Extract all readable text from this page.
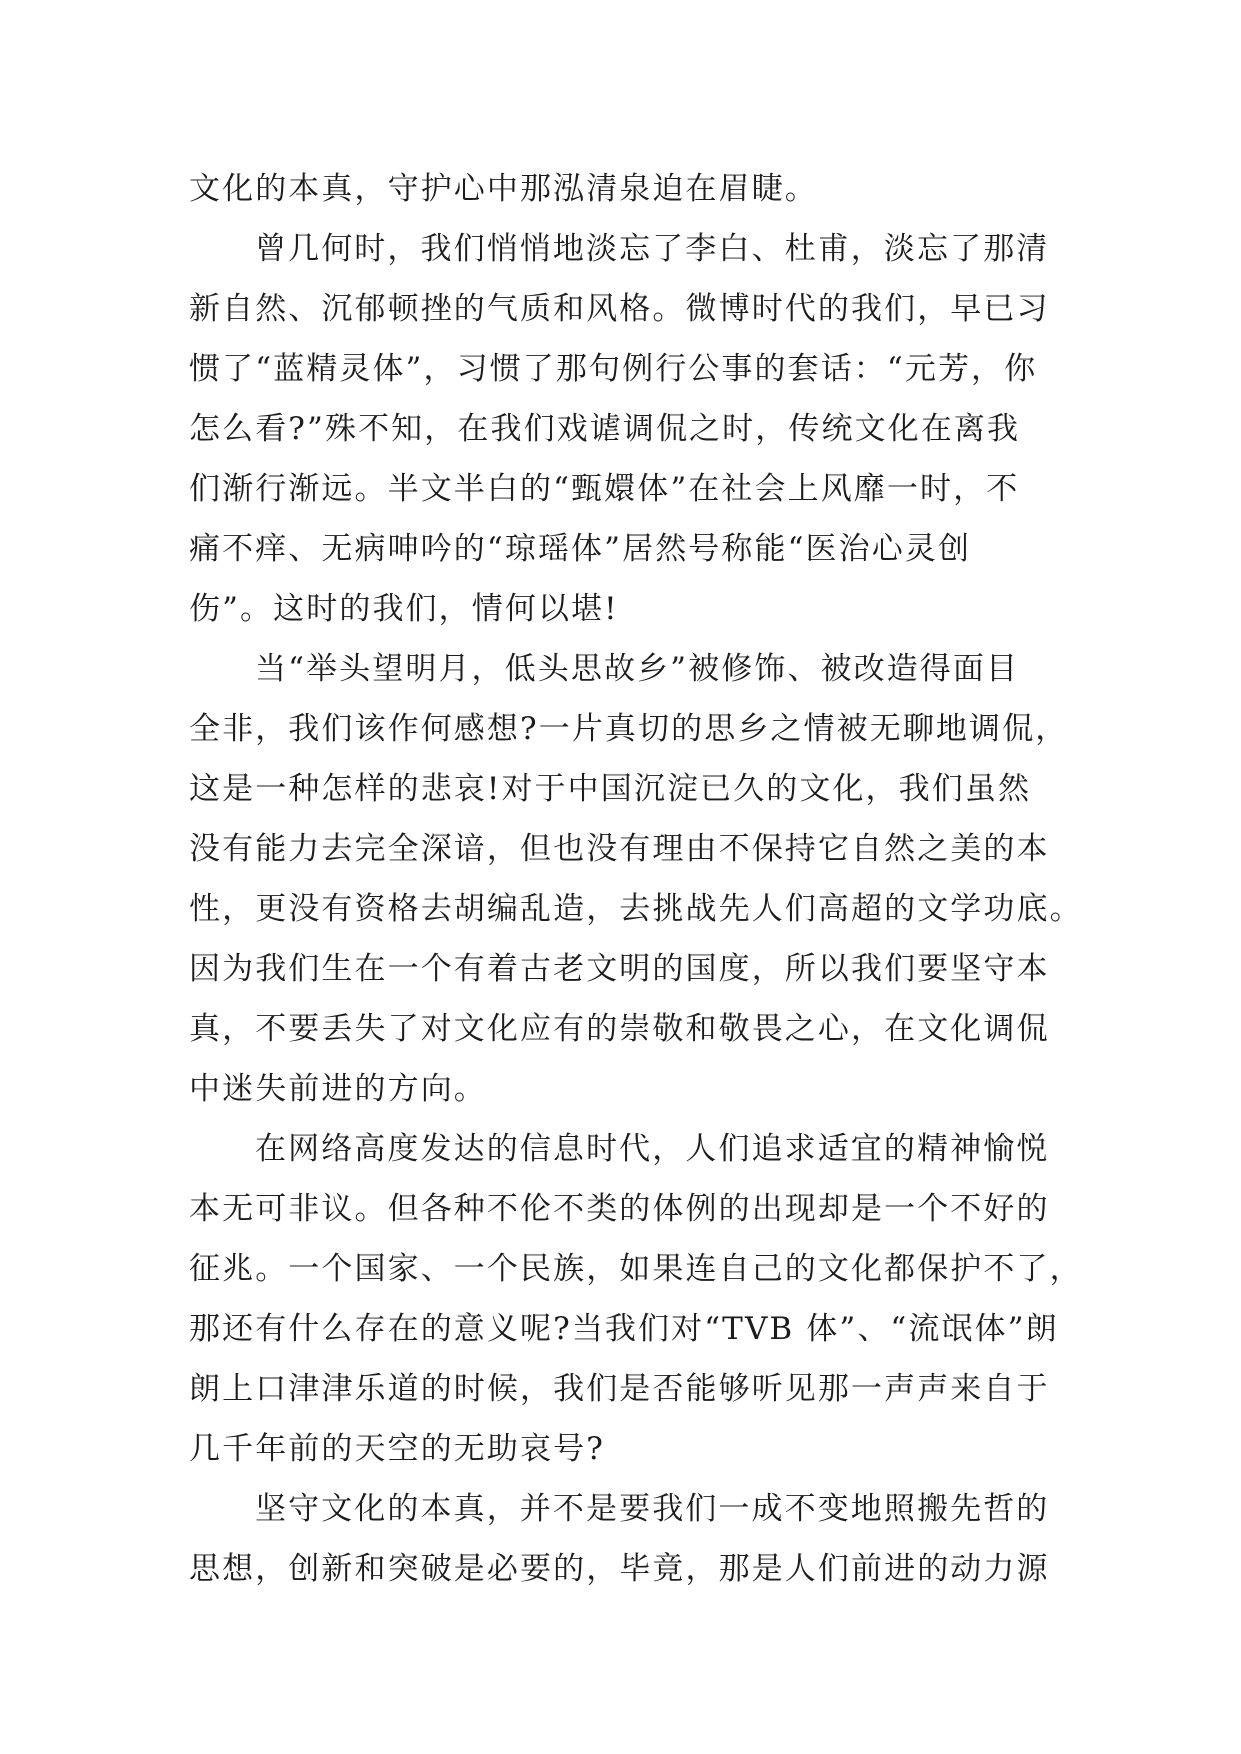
文化的本真，守护心中那泓清泉迫在眉睫。
曾几何时，我们悄悄地淡忘了李白、杜甫，淡忘了那清
新自然、沉郁顿挫的气质和风格。微博时代的我们，早已习
惯了“蓝精灵体”，习惯了那句例行公事的套话：“元芳，你
怎么看?”殊不知，在我们戏谑调侃之时，传统文化在离我
们渐行渐远。半文半白的“甄嬛体”在社会上风靡一时，不
痛不痒、无病呻吟的“琼瑶体”居然号称能“医治心灵创
伤”。这时的我们，情何以堪!
当“举头望明月，低头思故乡”被修饰、被改造得面目
全非，我们该作何感想?一片真切的思乡之情被无聊地调侃，
这是一种怎样的悲哀!对于中国沉淀已久的文化，我们虽然
没有能力去完全深谙，但也没有理由不保持它自然之美的本
性，更没有资格去胡编乱造，去挑战先人们高超的文学功底。
因为我们生在一个有着古老文明的国度，所以我们要坚守本
真，不要丢失了对文化应有的崇敬和敬畏之心，在文化调侃
中迷失前进的方向。
在网络高度发达的信息时代，人们追求适宜的精神愉悦
本无可非议。但各种不伦不类的体例的出现却是一个不好的
征兆。一个国家、一个民族，如果连自己的文化都保护不了，
那还有什么存在的意义呢?当我们对“TVB 体”、“流氓体”朗
朗上口津津乐道的时候，我们是否能够听见那一声声来自于
几千年前的天空的无助哀号?
坚守文化的本真，并不是要我们一成不变地照搬先哲的
思想，创新和突破是必要的，毕竟，那是人们前进的动力源
